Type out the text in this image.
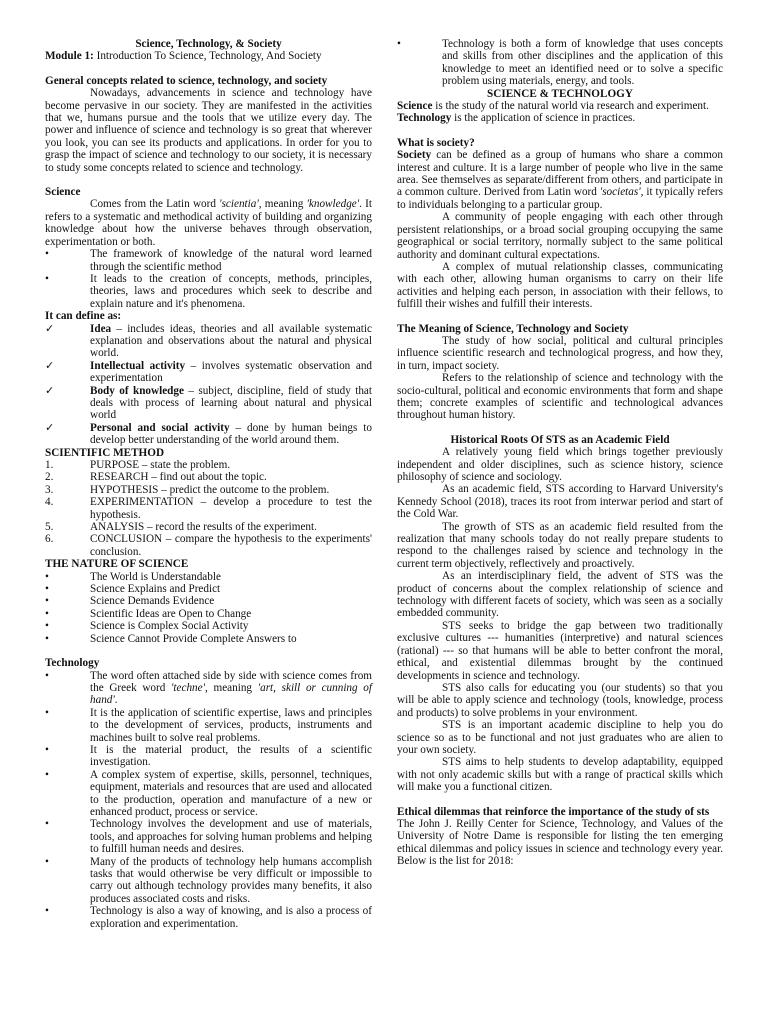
Science, Technology, & Society

Module 1: Introduction To Science, Technology, And Society

General concepts related to science, technology, and society

Nowadays, advancements in science and technology have become pervasive in our society. They are manifested in the activities that we, humans pursue and the tools that we utilize every day. The power and influence of science and technology is so great that wherever you look, you can see its products and applications. In order for you to grasp the impact of science and technology to our society, it is necessary to study some concepts related to science and technology.

Science

Comes from the Latin word 'scientia', meaning 'knowledge'. It refers to a systematic and methodical activity of building and organizing knowledge about how the universe behaves through observation, experimentation or both.

•	The framework of knowledge of the natural word learned through the scientific method

•	It leads to the creation of concepts, methods, principles, theories, laws and procedures which seek to describe and explain nature and it's phenomena.

It can define as:

✓	Idea – includes ideas, theories and all available systematic explanation and observations about the natural and physical world.

✓	Intellectual activity – involves systematic observation and experimentation

✓	Body of knowledge – subject, discipline, field of study that deals with process of learning about natural and physical world

✓	Personal and social activity – done by human beings to develop better understanding of the world around them.

SCIENTIFIC METHOD

1.	PURPOSE – state the problem.

2.	RESEARCH – find out about the topic.

3.	HYPOTHESIS – predict the outcome to the problem.

4.	EXPERIMENTATION – develop a procedure to test the hypothesis.

5.	ANALYSIS – record the results of the experiment.

6.	CONCLUSION – compare the hypothesis to the experiments' conclusion.

THE NATURE OF SCIENCE

•	The World is Understandable

•	Science Explains and Predict

•	Science Demands Evidence

•	Scientific Ideas are Open to Change

•	Science is Complex Social Activity

•	Science Cannot Provide Complete Answers to

Technology

•	The word often attached side by side with science comes from the Greek word 'techne', meaning 'art, skill or cunning of hand'.

•	It is the application of scientific expertise, laws and principles to the development of services, products, instruments and machines built to solve real problems.

•	It is the material product, the results of a scientific investigation.

•	A complex system of expertise, skills, personnel, techniques, equipment, materials and resources that are used and allocated to the production, operation and manufacture of a new or enhanced product, process or service.

•	Technology involves the development and use of materials, tools, and approaches for solving human problems and helping to fulfill human needs and desires.

•	Many of the products of technology help humans accomplish tasks that would otherwise be very difficult or impossible to carry out although technology provides many benefits, it also produces associated costs and risks.

•	Technology is also a way of knowing, and is also a process of exploration and experimentation.

•	Technology is both a form of knowledge that uses concepts and skills from other disciplines and the application of this knowledge to meet an identified need or to solve a specific problem using materials, energy, and tools.

SCIENCE & TECHNOLOGY

Science is the study of the natural world via research and experiment.

Technology is the application of science in practices.

What is society?

Society can be defined as a group of humans who share a common interest and culture. It is a large number of people who live in the same area. See themselves as separate/different from others, and participate in a common culture. Derived from Latin word 'societas', it typically refers to individuals belonging to a particular group.

A community of people engaging with each other through persistent relationships, or a broad social grouping occupying the same geographical or social territory, normally subject to the same political authority and dominant cultural expectations.

A complex of mutual relationship classes, communicating with each other, allowing human organisms to carry on their life activities and helping each person, in association with their fellows, to fulfill their wishes and fulfill their interests.

The Meaning of Science, Technology and Society

The study of how social, political and cultural principles influence scientific research and technological progress, and how they, in turn, impact society.

Refers to the relationship of science and technology with the socio-cultural, political and economic environments that form and shape them; concrete examples of scientific and technological advances throughout human history.

Historical Roots Of STS as an Academic Field

A relatively young field which brings together previously independent and older disciplines, such as science history, science philosophy of science and sociology.

As an academic field, STS according to Harvard University's Kennedy School (2018), traces its root from interwar period and start of the Cold War.

The growth of STS as an academic field resulted from the realization that many schools today do not really prepare students to respond to the challenges raised by science and technology in the current term objectively, reflectively and proactively.

As an interdisciplinary field, the advent of STS was the product of concerns about the complex relationship of science and technology with different facets of society, which was seen as a socially embedded community.

STS seeks to bridge the gap between two traditionally exclusive cultures --- humanities (interpretive) and natural sciences (rational) --- so that humans will be able to better confront the moral, ethical, and existential dilemmas brought by the continued developments in science and technology.

STS also calls for educating you (our students) so that you will be able to apply science and technology (tools, knowledge, process and products) to solve problems in your environment.

STS is an important academic discipline to help you do science so as to be functional and not just graduates who are alien to your own society.

STS aims to help students to develop adaptability, equipped with not only academic skills but with a range of practical skills which will make you a functional citizen.

Ethical dilemmas that reinforce the importance of the study of sts

The John J. Reilly Center for Science, Technology, and Values of the University of Notre Dame is responsible for listing the ten emerging ethical dilemmas and policy issues in science and technology every year. Below is the list for 2018:
